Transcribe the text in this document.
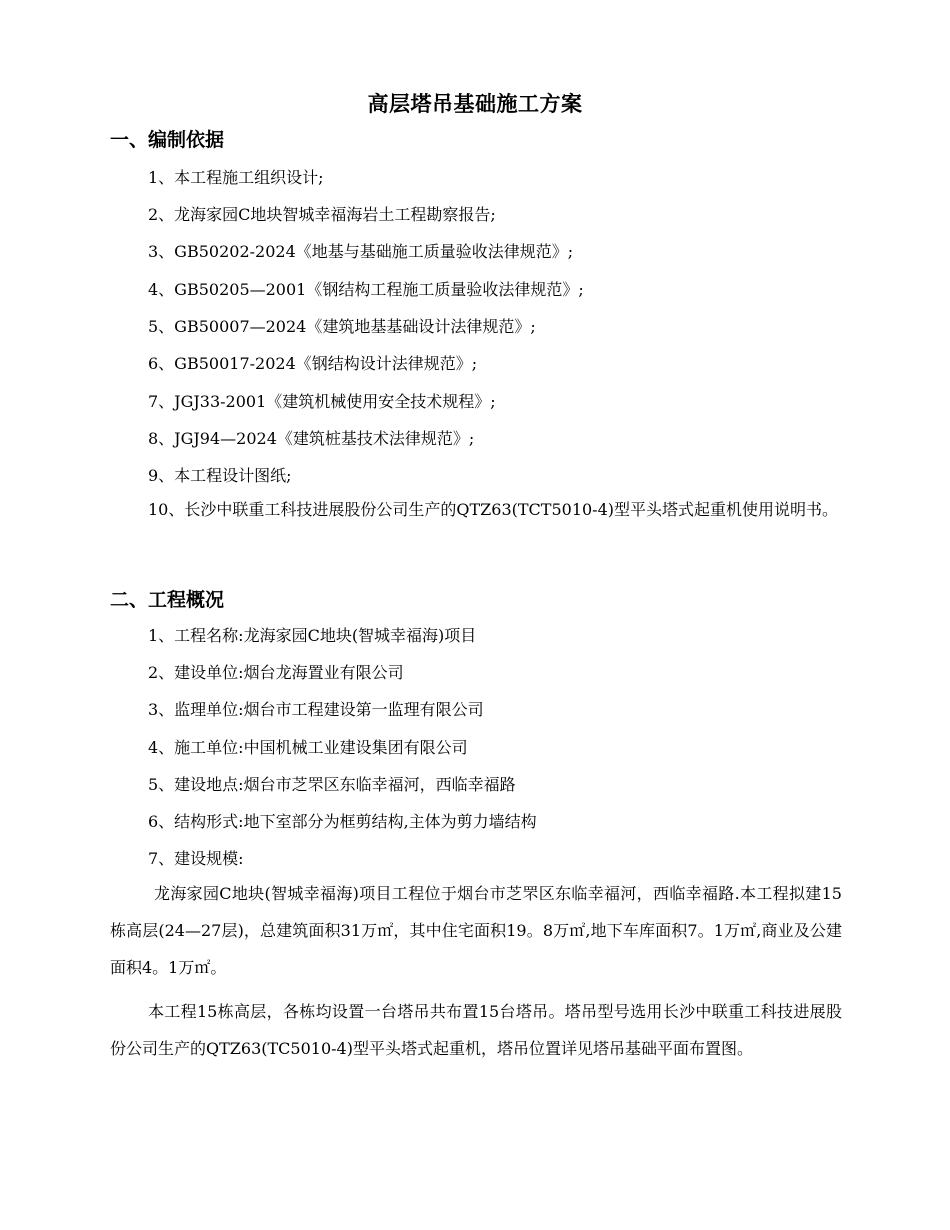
高层塔吊基础施工方案
一、编制依据
1、本工程施工组织设计;
2、龙海家园C地块智城幸福海岩土工程勘察报告;
3、GB50202-2024《地基与基础施工质量验收法律规范》;
4、GB50205—2001《钢结构工程施工质量验收法律规范》;
5、GB50007—2024《建筑地基基础设计法律规范》;
6、GB50017-2024《钢结构设计法律规范》;
7、JGJ33-2001《建筑机械使用安全技术规程》;
8、JGJ94—2024《建筑桩基技术法律规范》;
9、本工程设计图纸;
10、长沙中联重工科技进展股份公司生产的QTZ63(TCT5010-4)型平头塔式起重机使用说明书。
二、工程概况
1、工程名称:龙海家园C地块(智城幸福海)项目
2、建设单位:烟台龙海置业有限公司
3、监理单位:烟台市工程建设第一监理有限公司
4、施工单位:中国机械工业建设集团有限公司
5、建设地点:烟台市芝罘区东临幸福河，西临幸福路
6、结构形式:地下室部分为框剪结构,主体为剪力墙结构
7、建设规模:
龙海家园C地块(智城幸福海)项目工程位于烟台市芝罘区东临幸福河，西临幸福路.本工程拟建15栋高层(24—27层)，总建筑面积31万㎡，其中住宅面积19。8万㎡,地下车库面积7。1万㎡,商业及公建面积4。1万㎡。
本工程15栋高层，各栋均设置一台塔吊共布置15台塔吊。塔吊型号选用长沙中联重工科技进展股份公司生产的QTZ63(TC5010-4)型平头塔式起重机，塔吊位置详见塔吊基础平面布置图。
